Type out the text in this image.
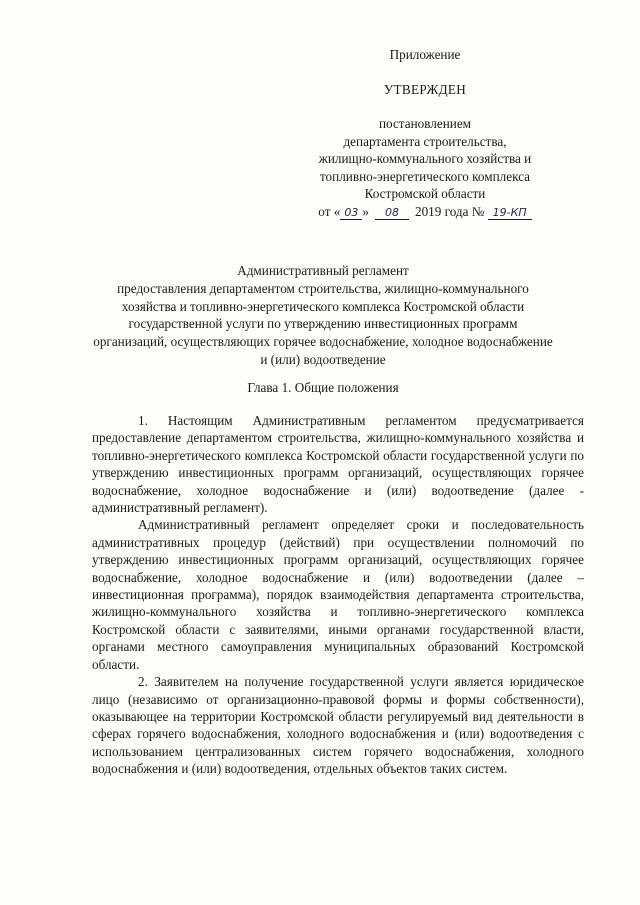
Приложение
УТВЕРЖДЕН
постановлением
департамента строительства,
жилищно-коммунального хозяйства и
топливно-энергетического комплекса
Костромской области
от « 03 » 08 2019 года № 19-КП
Административный регламент
предоставления департаментом строительства, жилищно-коммунального хозяйства и топливно-энергетического комплекса Костромской области государственной услуги по утверждению инвестиционных программ организаций, осуществляющих горячее водоснабжение, холодное водоснабжение и (или) водоотведение
Глава 1. Общие положения

1. Настоящим Административным регламентом предусматривается предоставление департаментом строительства, жилищно-коммунального хозяйства и топливно-энергетического комплекса Костромской области государственной услуги по утверждению инвестиционных программ организаций, осуществляющих горячее водоснабжение, холодное водоснабжение и (или) водоотведение (далее - административный регламент).

Административный регламент определяет сроки и последовательность административных процедур (действий) при осуществлении полномочий по утверждению инвестиционных программ организаций, осуществляющих горячее водоснабжение, холодное водоснабжение и (или) водоотведении (далее – инвестиционная программа), порядок взаимодействия департамента строительства, жилищно-коммунального хозяйства и топливно-энергетического комплекса Костромской области с заявителями, иными органами государственной власти, органами местного самоуправления муниципальных образований Костромской области.

2. Заявителем на получение государственной услуги является юридическое лицо (независимо от организационно-правовой формы и формы собственности), оказывающее на территории Костромской области регулируемый вид деятельности в сферах горячего водоснабжения, холодного водоснабжения и (или) водоотведения с использованием централизованных систем горячего водоснабжения, холодного водоснабжения и (или) водоотведения, отдельных объектов таких систем.
